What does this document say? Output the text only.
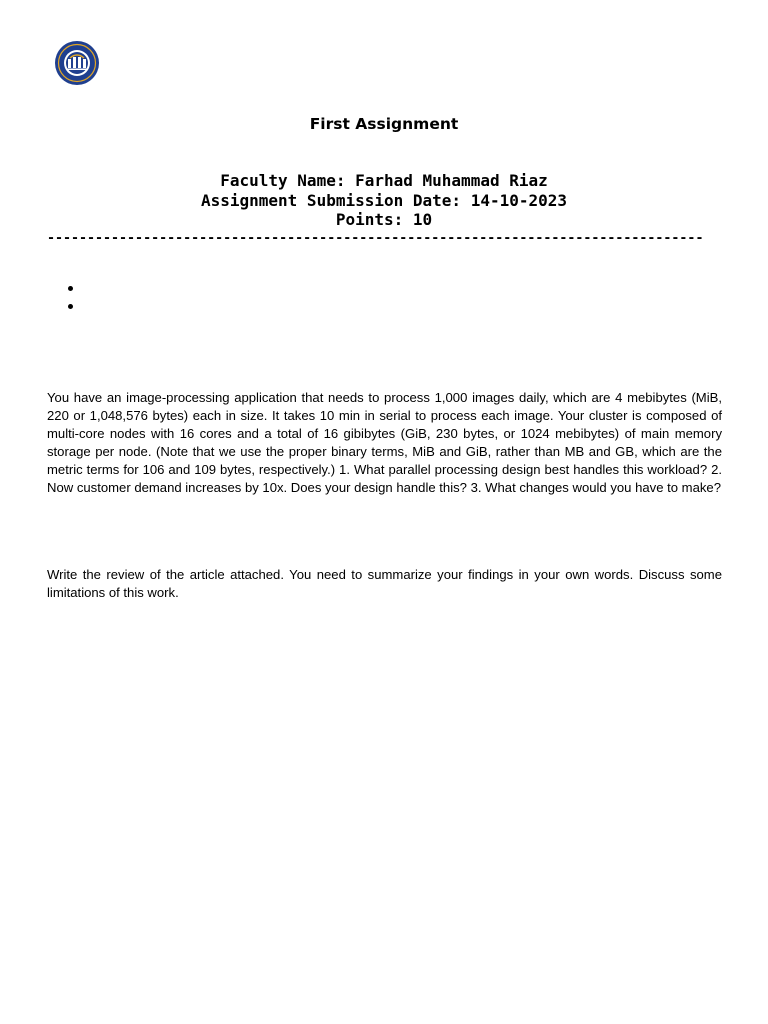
First Assignment
Faculty Name: Farhad Muhammad Riaz
Assignment Submission Date: 14-10-2023
Points: 10
----------------------------------------------------------------------------------

You have an image-processing application that needs to process 1,000 images daily, which are 4 mebibytes (MiB, 220 or 1,048,576 bytes) each in size. It takes 10 min in serial to process each image. Your cluster is composed of multi-core nodes with 16 cores and a total of 16 gibibytes (GiB, 230 bytes, or 1024 mebibytes) of main memory storage per node. (Note that we use the proper binary terms, MiB and GiB, rather than MB and GB, which are the metric terms for 106 and 109 bytes, respectively.) 1. What parallel processing design best handles this workload? 2. Now customer demand increases by 10x. Does your design handle this? 3. What changes would you have to make?

Write the review of the article attached. You need to summarize your findings in your own words. Discuss some limitations of this work.
